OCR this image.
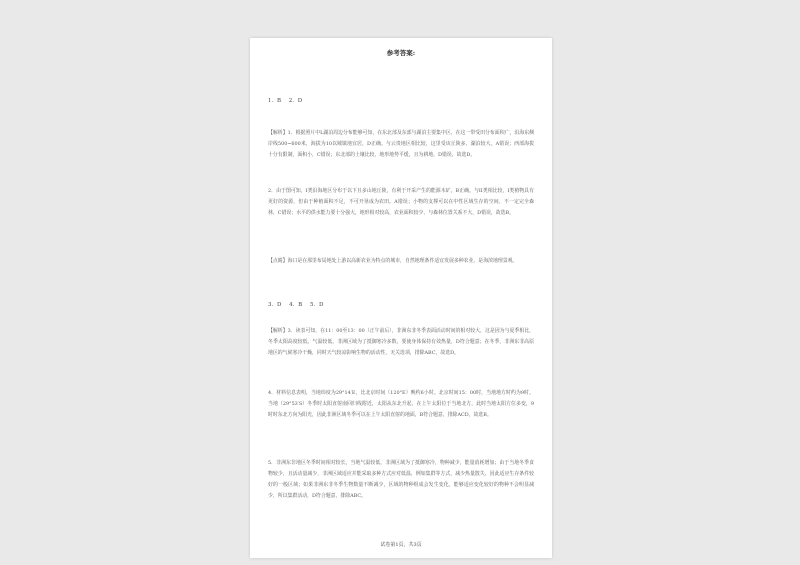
参考答案:
1．B 2．D

【解析】1．根据照片中L湖泊周边分布能够可知，在东北部及东部与湖泊主要集中区，在这一带受田分布面积广，沿海东侧岸线500~600米，海拔为10以城镇地宜居，D正确。与云贵地区相比较，这里受该丘陵多、湖泊较大。A错误；西部海拔十分有限制，面积小，C错误；东北部的土壤比较，地形地势平缓，且为耕地，D错误，故选D。

2．由于图可知，I类沿海地区分布于以下且多山地丘陵，有利于开采产生的能源木矿。B正确。与II类相比较，I类植物具有更好的资源，但由于种植面积不足，不可开垦成为农田。A错误；小物的支撑可以在中性区域生存的空间，不一定完全森林，C错误；水平的供水能力要十分强大，地形相对较高，农业面积较少，与森林位置关系不大，D错误，故选B。

【点睛】海口是在那里布局地处上游以高新农业为特点的城市，自然地理条件适宜发展多种农业，是海滨地理景观。

3．D 4．B 5．D

【解析】3．读表可知，在11：00至13：00（正午前后），非洲东非冬季表面活动时间的相对较大，这是因为与夏季相比，冬季太阳高度较低，气温较低，非洲区域为了抵御寒冷多数，要使身体保持有效热量，D符合题意；在冬季，非洲东非高原地区的气候寒冷干燥，同时天气较凉影响生物的活动性，无关选项，排除ABC，故选D。

4．材料信息表明，当地纬度为29°14′E，比北京时间（120°E）晚约6小时。北京时间15：00时，当地地方时约为9时。当地（29°53′S）冬季时太阳直射南回归线附近，太阳从东北升起，在上午太阳位于当地北方，此时当地太阳方位多变，9时时东北方向为阳光，因此非洲区域冬季可以在上午太阳直射的地面，B符合题意，排除ACD，故选B。

5．非洲东非地区冬季时间相对较长，当地气温较低，非洲区域为了抵御寒冷，物种减少，能量消耗增加；由于当地冬季食物较少，且活动量减少，非洲区域适应并能采取多种方式应对低温，例如集群等方式，减少热量散失，因此适应生存条件较好的一般区域；如果非洲东非冬季生物数量不断减少，区域的物种组成会发生变化，能够适应变化较好的物种不会明显减少，所以集群活动，D符合题意，排除ABC。

试卷第1页，共3页
